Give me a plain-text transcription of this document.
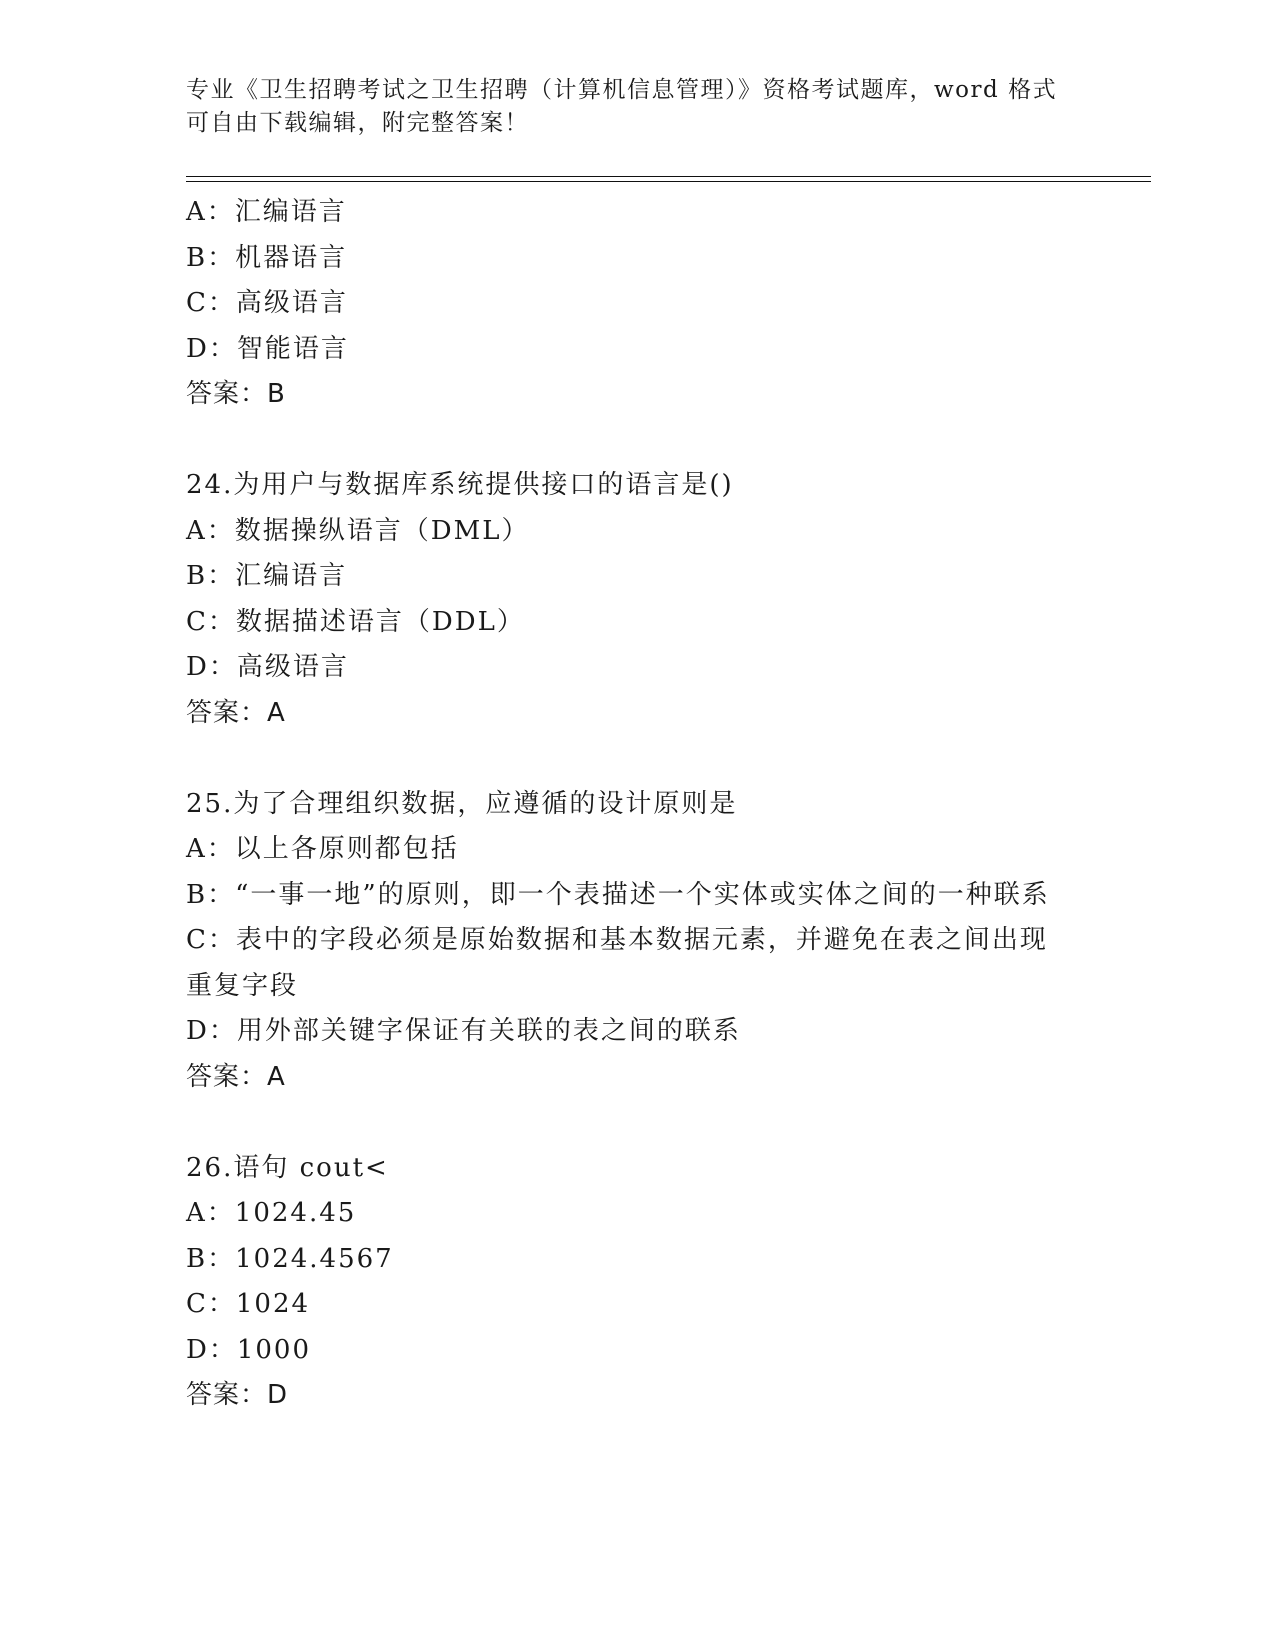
专业《卫生招聘考试之卫生招聘（计算机信息管理）》资格考试题库，word 格式
可自由下载编辑，附完整答案！
A：汇编语言
B：机器语言
C：高级语言
D：智能语言
答案：B
24.为用户与数据库系统提供接口的语言是()
A：数据操纵语言（DML）
B：汇编语言
C：数据描述语言（DDL）
D：高级语言
答案：A
25.为了合理组织数据，应遵循的设计原则是
A：以上各原则都包括
B：“一事一地”的原则，即一个表描述一个实体或实体之间的一种联系
C：表中的字段必须是原始数据和基本数据元素，并避免在表之间出现重复字段
D：用外部关键字保证有关联的表之间的联系
答案：A
26.语句 cout<
A：1024.45
B：1024.4567
C：1024
D：1000
答案：D
